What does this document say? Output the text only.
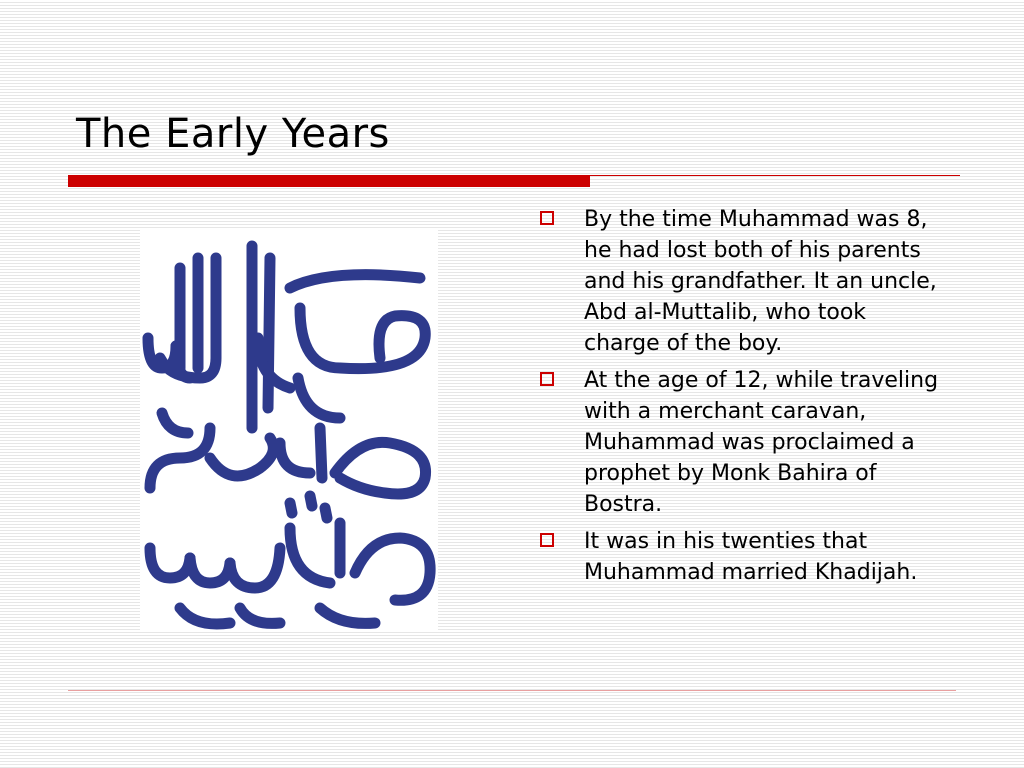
The Early Years
By the time Muhammad was 8, he had lost both of his parents and his grandfather. It an uncle, Abd al-Muttalib, who took charge of the boy.
At the age of 12, while traveling with a merchant caravan, Muhammad was proclaimed a prophet by Monk Bahira of Bostra.
It was in his twenties that Muhammad married Khadijah.
